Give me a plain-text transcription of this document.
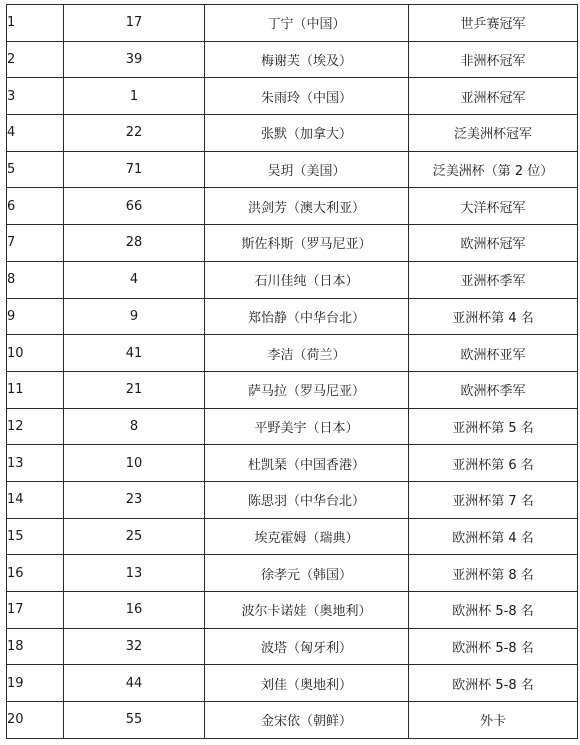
1	17	丁宁（中国）	世乒赛冠军
2	39	梅谢芙（埃及）	非洲杯冠军
3	1	朱雨玲（中国）	亚洲杯冠军
4	22	张默（加拿大）	泛美洲杯冠军
5	71	吴玥（美国）	泛美洲杯（第 2 位）
6	66	洪剑芳（澳大利亚）	大洋杯冠军
7	28	斯佐科斯（罗马尼亚）	欧洲杯冠军
8	4	石川佳纯（日本）	亚洲杯季军
9	9	郑怡静（中华台北）	亚洲杯第 4 名
10	41	李洁（荷兰）	欧洲杯亚军
11	21	萨马拉（罗马尼亚）	欧洲杯季军
12	8	平野美宇（日本）	亚洲杯第 5 名
13	10	杜凯琹（中国香港）	亚洲杯第 6 名
14	23	陈思羽（中华台北）	亚洲杯第 7 名
15	25	埃克霍姆（瑞典）	欧洲杯第 4 名
16	13	徐孝元（韩国）	亚洲杯第 8 名
17	16	波尔卡诺娃（奥地利）	欧洲杯 5-8 名
18	32	波塔（匈牙利）	欧洲杯 5-8 名
19	44	刘佳（奥地利）	欧洲杯 5-8 名
20	55	金宋依（朝鲜）	外卡
